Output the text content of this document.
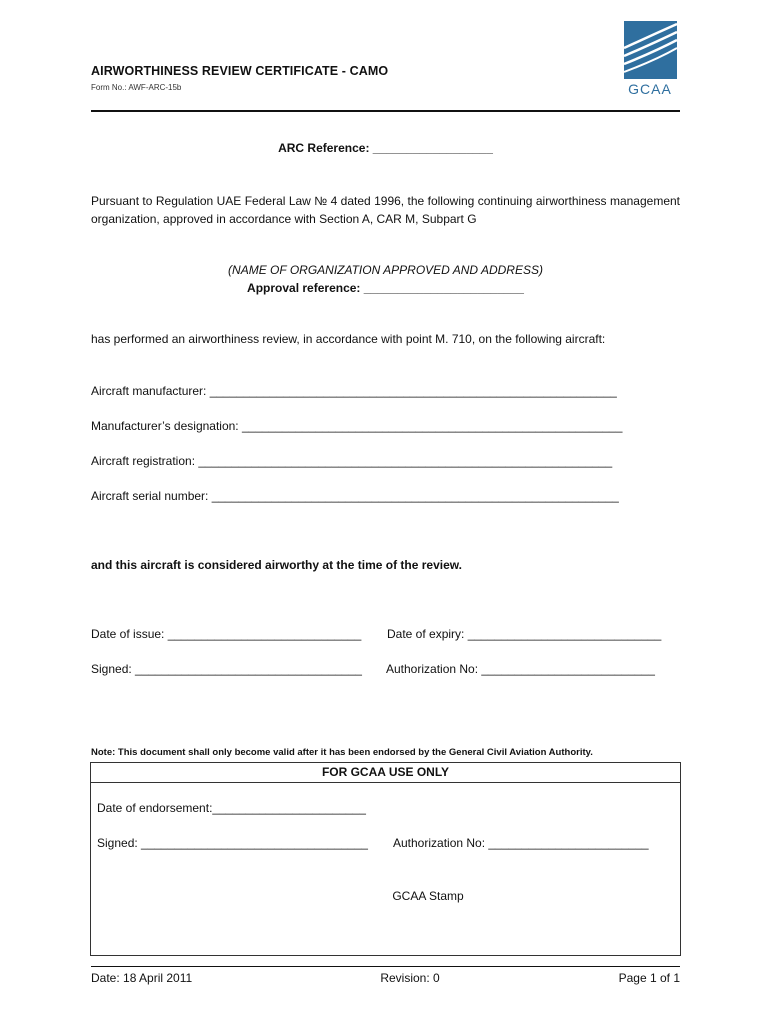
AIRWORTHINESS REVIEW CERTIFICATE - CAMO
Form No.: AWF-ARC-15b	GCAA
ARC Reference: __________________
Pursuant to Regulation UAE Federal Law № 4 dated 1996, the following continuing airworthiness management organization, approved in accordance with Section A, CAR M, Subpart G
(NAME OF ORGANIZATION APPROVED AND ADDRESS)
Approval reference: ________________________
has performed an airworthiness review, in accordance with point M. 710, on the following aircraft:
Aircraft manufacturer: _____________________________________________________________
Manufacturer’s designation: _________________________________________________________
Aircraft registration: ______________________________________________________________
Aircraft serial number: _____________________________________________________________
and this aircraft is considered airworthy at the time of the review.
Date of issue: _____________________________	Date of expiry: _____________________________
Signed: __________________________________	Authorization No: __________________________
Note: This document shall only become valid after it has been endorsed by the General Civil Aviation Authority.
FOR GCAA USE ONLY
Date of endorsement:_______________________
Signed: __________________________________	Authorization No: ________________________
GCAA Stamp
Date: 18 April 2011	Revision: 0	Page 1 of 1
